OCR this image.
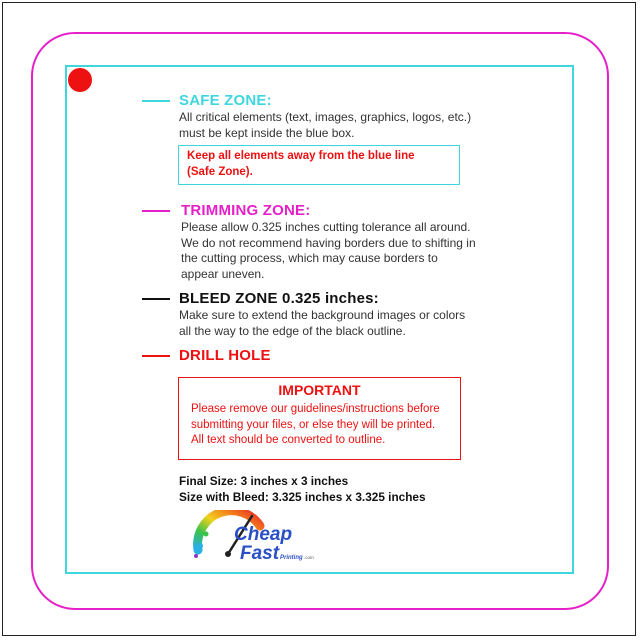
SAFE ZONE:
All critical elements (text, images, graphics, logos, etc.)
must be kept inside the blue box.
Keep all elements away from the blue line
(Safe Zone).
TRIMMING ZONE:
Please allow 0.325 inches cutting tolerance all around.
We do not recommend having borders due to shifting in
the cutting process, which may cause borders to
appear uneven.
BLEED ZONE 0.325 inches:
Make sure to extend the background images or colors
all the way to the edge of the black outline.
DRILL HOLE
IMPORTANT
Please remove our guidelines/instructions before
submitting your files, or else they will be printed.
All text should be converted to outline.
Final Size: 3 inches x 3 inches
Size with Bleed: 3.325 inches x 3.325 inches
Cheap
Fast Printing .com
